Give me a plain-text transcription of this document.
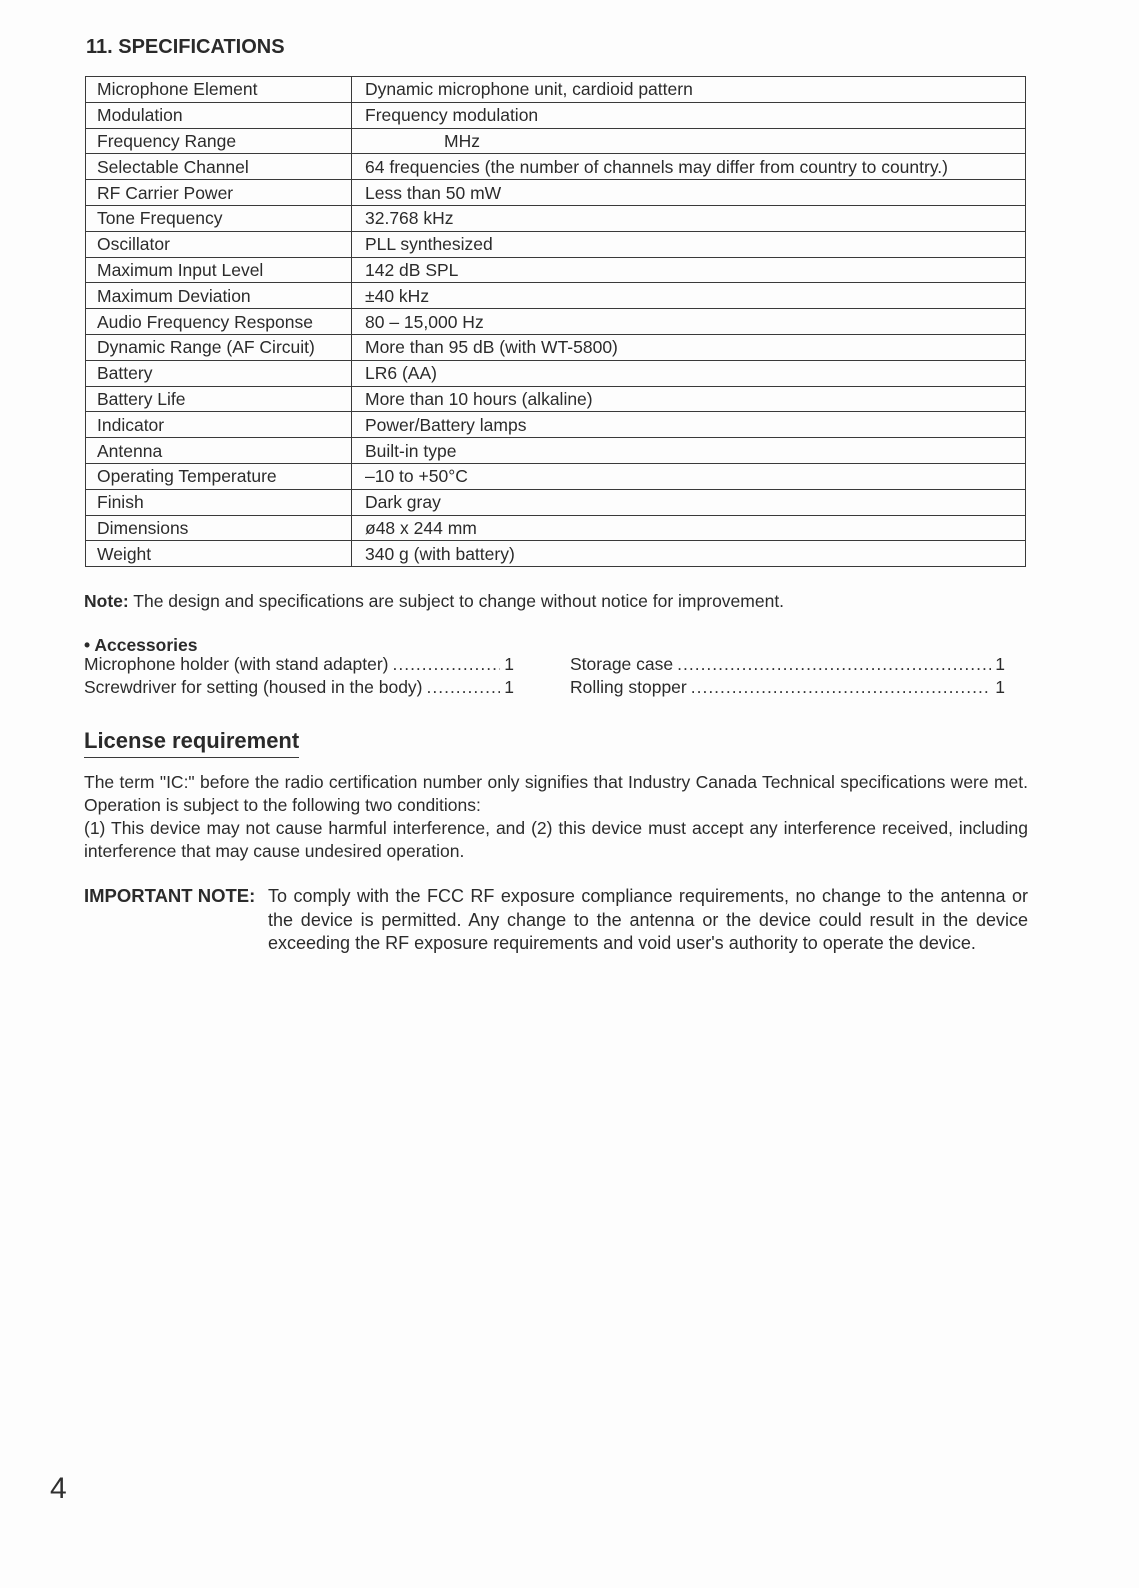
11. SPECIFICATIONS
Microphone Element	Dynamic microphone unit, cardioid pattern
Modulation	Frequency modulation
Frequency Range	MHz
Selectable Channel	64 frequencies (the number of channels may differ from country to country.)
RF Carrier Power	Less than 50 mW
Tone Frequency	32.768 kHz
Oscillator	PLL synthesized
Maximum Input Level	142 dB SPL
Maximum Deviation	±40 kHz
Audio Frequency Response	80 – 15,000 Hz
Dynamic Range (AF Circuit)	More than 95 dB (with WT-5800)
Battery	LR6 (AA)
Battery Life	More than 10 hours (alkaline)
Indicator	Power/Battery lamps
Antenna	Built-in type
Operating Temperature	–10 to +50°C
Finish	Dark gray
Dimensions	ø48 x 244 mm
Weight	340 g (with battery)

Note: The design and specifications are subject to change without notice for improvement.

• Accessories

Microphone holder (with stand adapter) .....	1
Screwdriver for setting (housed in the body) .....	1
Storage case .....	1
Rolling stopper .....	1
License requirement

The term "IC:" before the radio certification number only signifies that Industry Canada Technical specifications were met. Operation is subject to the following two conditions:

(1) This device may not cause harmful interference, and (2) this device must accept any interference received, including interference that may cause undesired operation.

IMPORTANT NOTE: To comply with the FCC RF exposure compliance requirements, no change to the antenna or the device is permitted. Any change to the antenna or the device could result in the device exceeding the RF exposure requirements and void user's authority to operate the device.

4
